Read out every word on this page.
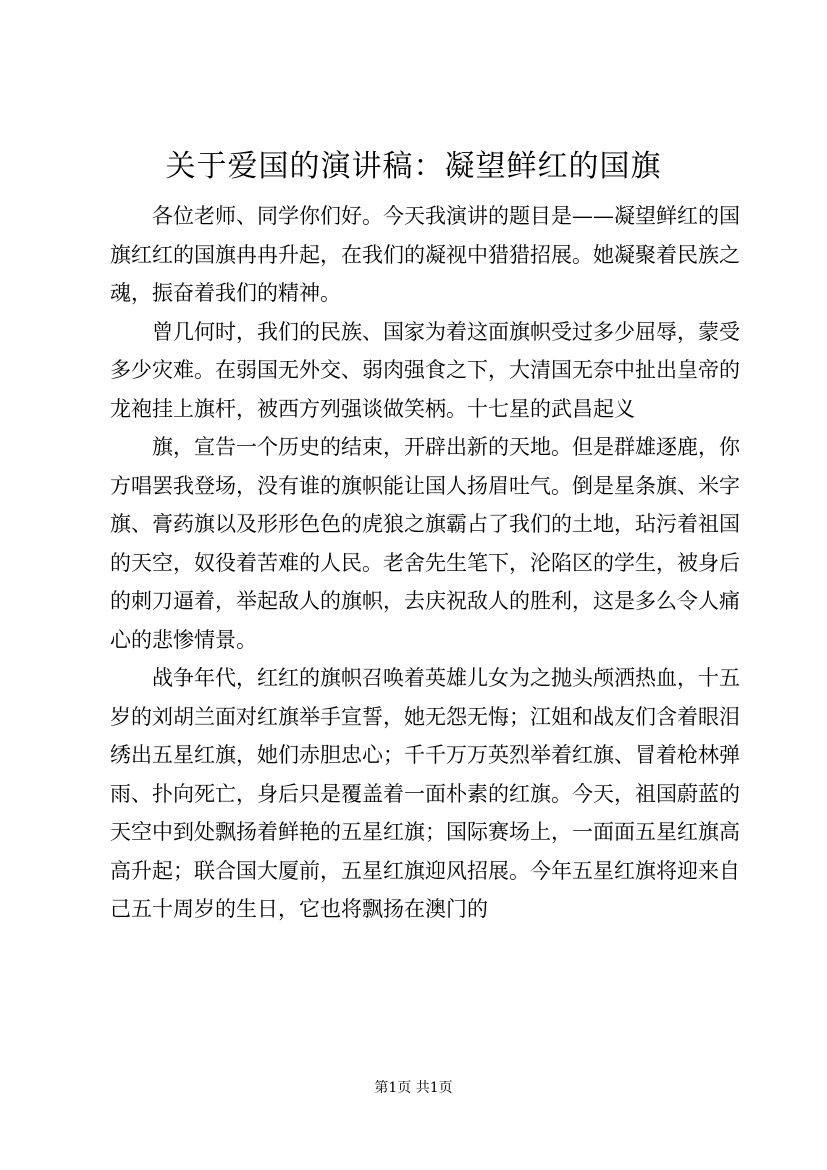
关于爱国的演讲稿：凝望鲜红的国旗

各位老师、同学你们好。今天我演讲的题目是——凝望鲜红的国旗红红的国旗冉冉升起，在我们的凝视中猎猎招展。她凝聚着民族之魂，振奋着我们的精神。

曾几何时，我们的民族、国家为着这面旗帜受过多少屈辱，蒙受多少灾难。在弱国无外交、弱肉强食之下，大清国无奈中扯出皇帝的龙袍挂上旗杆，被西方列强谈做笑柄。十七星的武昌起义

旗，宣告一个历史的结束，开辟出新的天地。但是群雄逐鹿，你方唱罢我登场，没有谁的旗帜能让国人扬眉吐气。倒是星条旗、米字旗、膏药旗以及形形色色的虎狼之旗霸占了我们的土地，玷污着祖国的天空，奴役着苦难的人民。老舍先生笔下，沦陷区的学生，被身后的刺刀逼着，举起敌人的旗帜，去庆祝敌人的胜利，这是多么令人痛心的悲惨情景。

战争年代，红红的旗帜召唤着英雄儿女为之抛头颅洒热血，十五岁的刘胡兰面对红旗举手宣誓，她无怨无悔；江姐和战友们含着眼泪绣出五星红旗，她们赤胆忠心；千千万万英烈举着红旗、冒着枪林弹雨、扑向死亡，身后只是覆盖着一面朴素的红旗。今天，祖国蔚蓝的天空中到处飘扬着鲜艳的五星红旗；国际赛场上，一面面五星红旗高高升起；联合国大厦前，五星红旗迎风招展。今年五星红旗将迎来自己五十周岁的生日，它也将飘扬在澳门的

第1页 共1页
